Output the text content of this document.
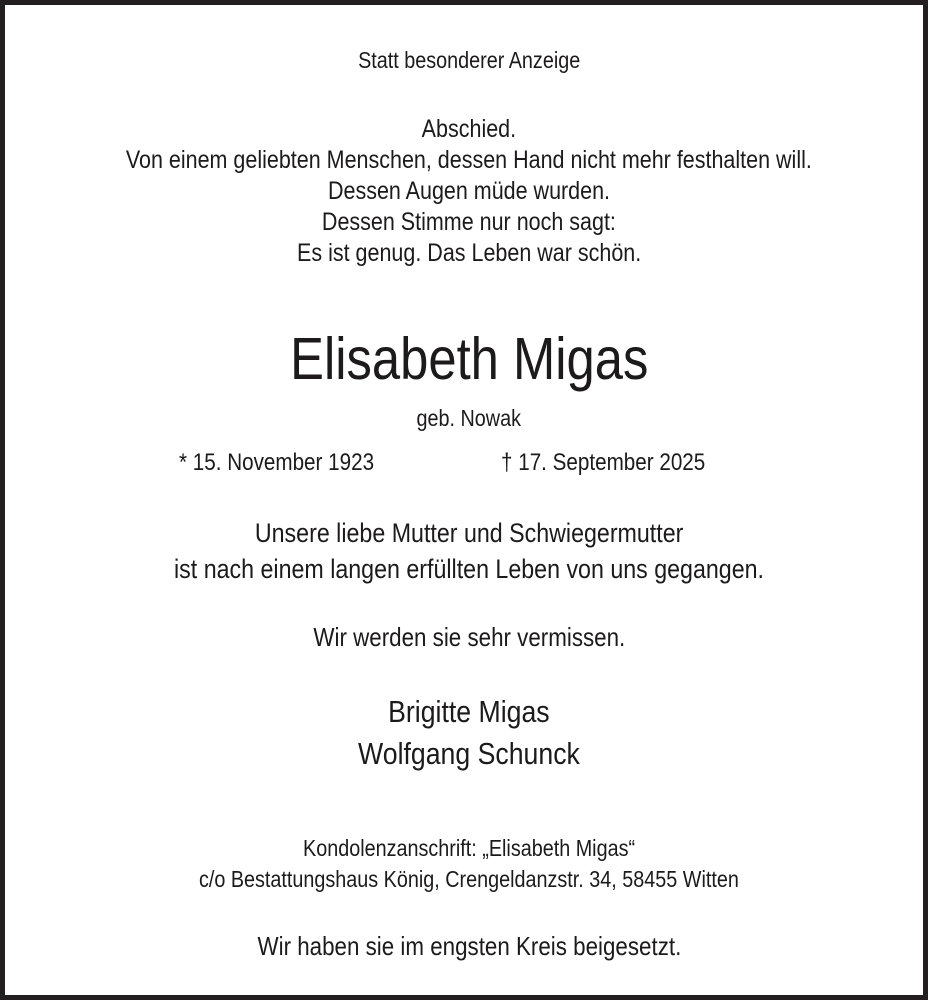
Statt besonderer Anzeige
Abschied.
Von einem geliebten Menschen, dessen Hand nicht mehr festhalten will.
Dessen Augen müde wurden.
Dessen Stimme nur noch sagt:
Es ist genug. Das Leben war schön.
Elisabeth Migas
geb. Nowak
* 15. November 1923	† 17. September 2025
Unsere liebe Mutter und Schwiegermutter
ist nach einem langen erfüllten Leben von uns gegangen.
Wir werden sie sehr vermissen.
Brigitte Migas
Wolfgang Schunck
Kondolenzanschrift: „Elisabeth Migas“
c/o Bestattungshaus König, Crengeldanzstr. 34, 58455 Witten
Wir haben sie im engsten Kreis beigesetzt.
